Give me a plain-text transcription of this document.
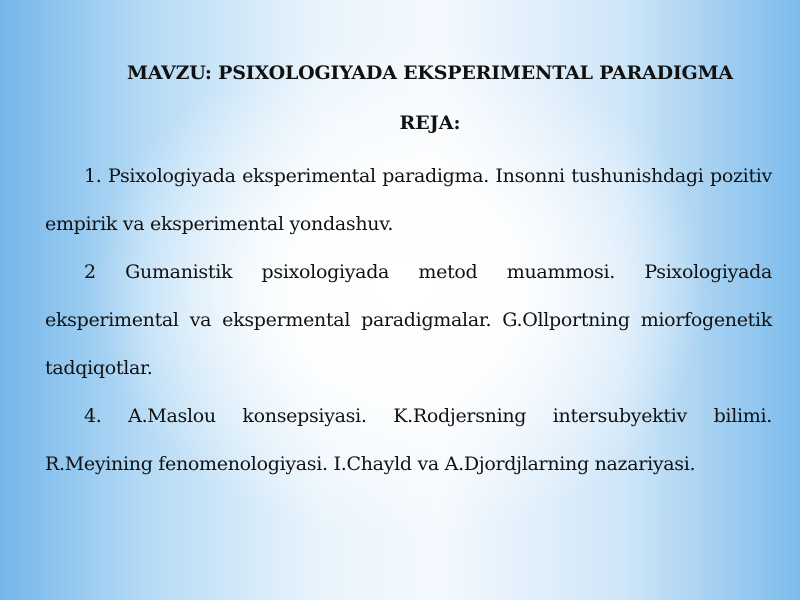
MAVZU: PSIXOLOGIYADA EKSPERIMENTAL PARADIGMA
REJA:

1. Psixologiyada eksperimental paradigma. Insonni tushunishdagi pozitiv empirik va eksperimental yondashuv.

2 Gumanistik psixologiyada metod muammosi. Psixologiyada eksperimental va ekspermental paradigmalar. G.Ollportning miorfogenetik tadqiqotlar.

4. A.Maslou konsepsiyasi. K.Rodjersning intersubyektiv bilimi. R.Meyining fenomenologiyasi. I.Chayld va A.Djordjlarning nazariyasi.
